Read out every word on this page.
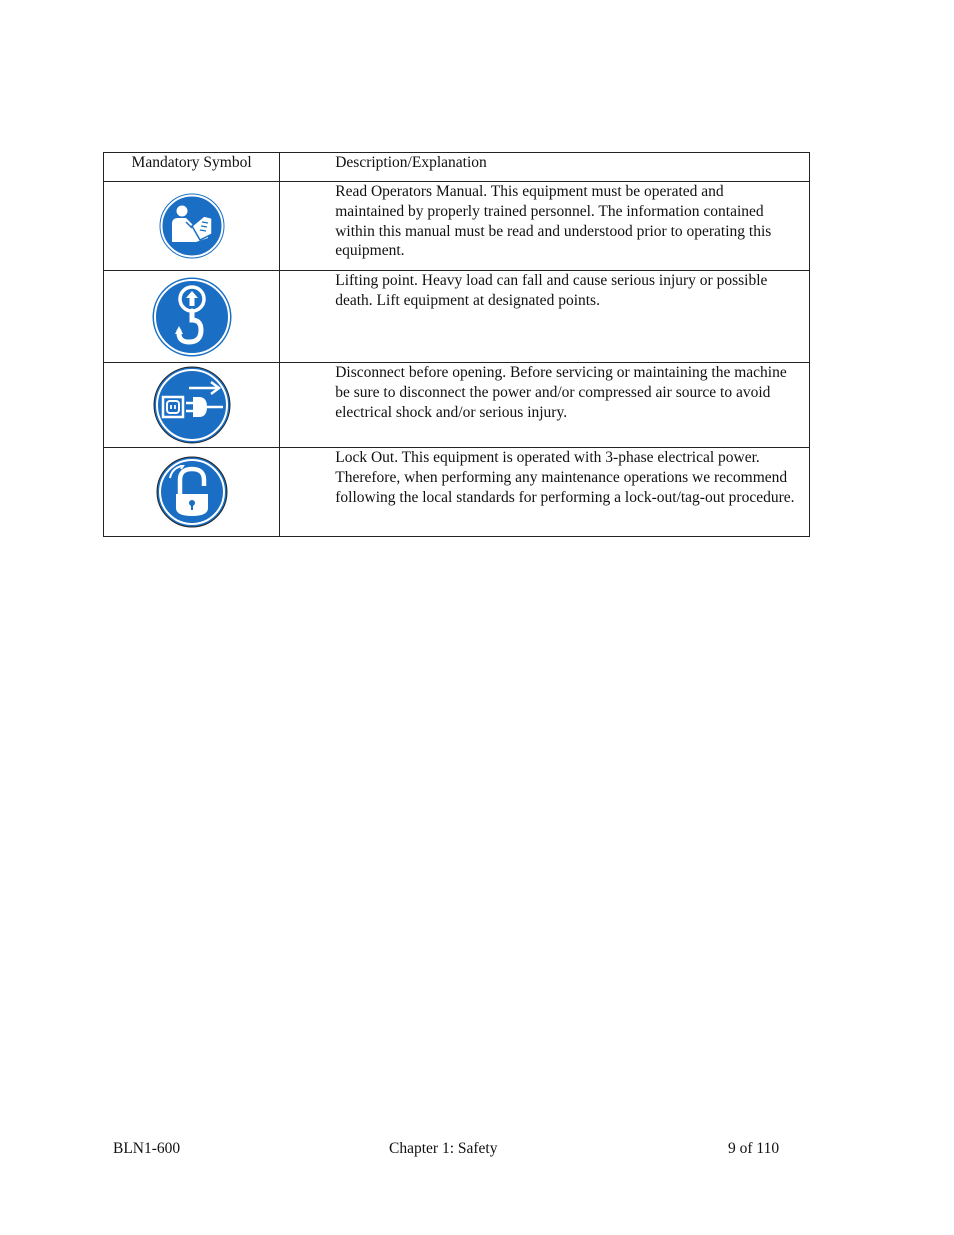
Mandatory Symbol	Description/Explanation

	Read Operators Manual. This equipment must be operated and maintained by properly trained personnel. The information contained within this manual must be read and understood prior to operating this equipment.

	Lifting point. Heavy load can fall and cause serious injury or possible death. Lift equipment at designated points.

	Disconnect before opening. Before servicing or maintaining the machine be sure to disconnect the power and/or compressed air source to avoid electrical shock and/or serious injury.

	Lock Out. This equipment is operated with 3-phase electrical power. Therefore, when performing any maintenance operations we recommend following the local standards for performing a lock-out/tag-out procedure.
BLN1-600	Chapter 1: Safety	9 of 110
